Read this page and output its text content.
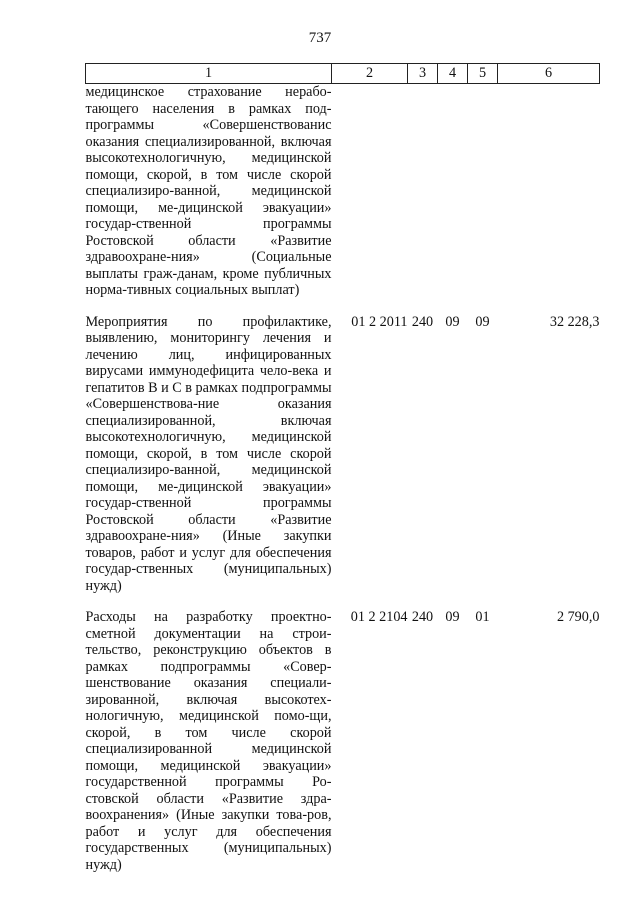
737
1	2	3	4	5	6
медицинское страхование нерабо-тающего населения в рамках под-программы «Совершенствованис оказания специализированной, включая высокотехнологичную, медицинской помощи, скорой, в том числе скорой специализиро-ванной, медицинской помощи, ме-дицинской эвакуации» государ-ственной программы Ростовской области «Развитие здравоохране-ния» (Социальные выплаты граж-данам, кроме публичных норма-тивных социальных выплат)					
Мероприятия по профилактике, выявлению, мониторингу лечения и лечению лиц, инфицированных вирусами иммунодефицита чело-века и гепатитов В и С в рамках подпрограммы «Совершенствова-ние оказания специализированной, включая высокотехнологичную, медицинской помощи, скорой, в том числе скорой специализиро-ванной, медицинской помощи, ме-дицинской эвакуации» государ-ственной программы Ростовской области «Развитие здравоохране-ния» (Иные закупки товаров, работ и услуг для обеспечения государ-ственных (муниципальных) нужд)	01 2 2011	240	09	09	32 228,3
Расходы на разработку проектно-сметной документации на строи-тельство, реконструкцию объектов в рамках подпрограммы «Совер-шенствование оказания специали-зированной, включая высокотех-нологичную, медицинской помо-щи, скорой, в том числе скорой специализированной медицинской помощи, медицинской эвакуации» государственной программы Ро-стовской области «Развитие здра-воохранения» (Иные закупки това-ров, работ и услуг для обеспечения государственных (муниципальных) нужд)	01 2 2104	240	09	01	2 790,0
